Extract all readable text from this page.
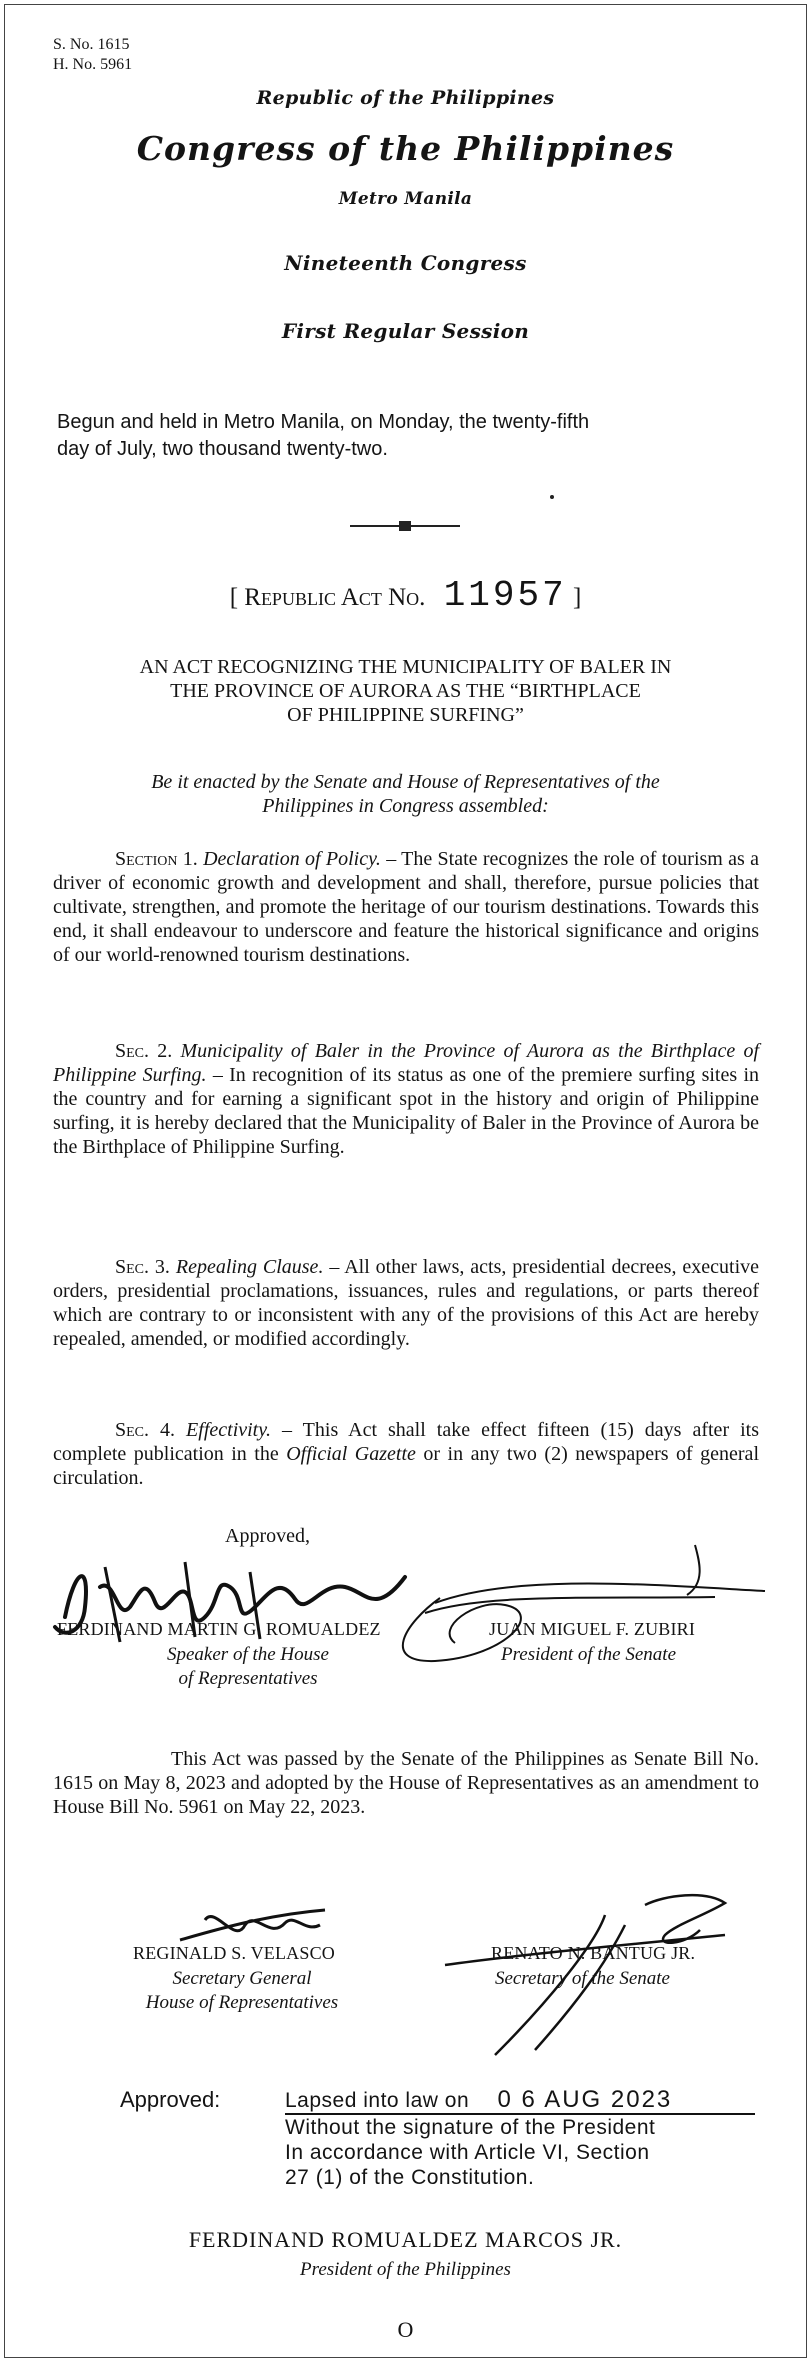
S. No. 1615
H. No. 5961
Republic of the Philippines
Congress of the Philippines
Metro Manila
Nineteenth Congress
First Regular Session
Begun and held in Metro Manila, on Monday, the twenty-fifth
day of July, two thousand twenty-two.
[ Republic Act No. 11957 ]
AN ACT RECOGNIZING THE MUNICIPALITY OF BALER IN
THE PROVINCE OF AURORA AS THE “BIRTHPLACE
OF PHILIPPINE SURFING”
Be it enacted by the Senate and House of Representatives of the
Philippines in Congress assembled:
Section 1. Declaration of Policy. – The State recognizes the role of tourism as a driver of economic growth and development and shall, therefore, pursue policies that cultivate, strengthen, and promote the heritage of our tourism destinations. Towards this end, it shall endeavour to underscore and feature the historical significance and origins of our world-renowned tourism destinations.
Sec. 2. Municipality of Baler in the Province of Aurora as the Birthplace of Philippine Surfing. – In recognition of its status as one of the premiere surfing sites in the country and for earning a significant spot in the history and origin of Philippine surfing, it is hereby declared that the Municipality of Baler in the Province of Aurora be the Birthplace of Philippine Surfing.
Sec. 3. Repealing Clause. – All other laws, acts, presidential decrees, executive orders, presidential proclamations, issuances, rules and regulations, or parts thereof which are contrary to or inconsistent with any of the provisions of this Act are hereby repealed, amended, or modified accordingly.
Sec. 4. Effectivity. – This Act shall take effect fifteen (15) days after its complete publication in the Official Gazette or in any two (2) newspapers of general circulation.
Approved,
FERDINAND MARTIN G. ROMUALDEZ
Speaker of the House
of Representatives
JUAN MIGUEL F. ZUBIRI
President of the Senate
This Act was passed by the Senate of the Philippines as Senate Bill No. 1615 on May 8, 2023 and adopted by the House of Representatives as an amendment to House Bill No. 5961 on May 22, 2023.
REGINALD S. VELASCO
Secretary General
House of Representatives
RENATO N. BANTUG JR.
Secretary of the Senate
Approved:	Lapsed into law on 0 6 AUG 2023
Without the signature of the President
In accordance with Article VI, Section
27 (1) of the Constitution.
FERDINAND ROMUALDEZ MARCOS JR.
President of the Philippines
O
